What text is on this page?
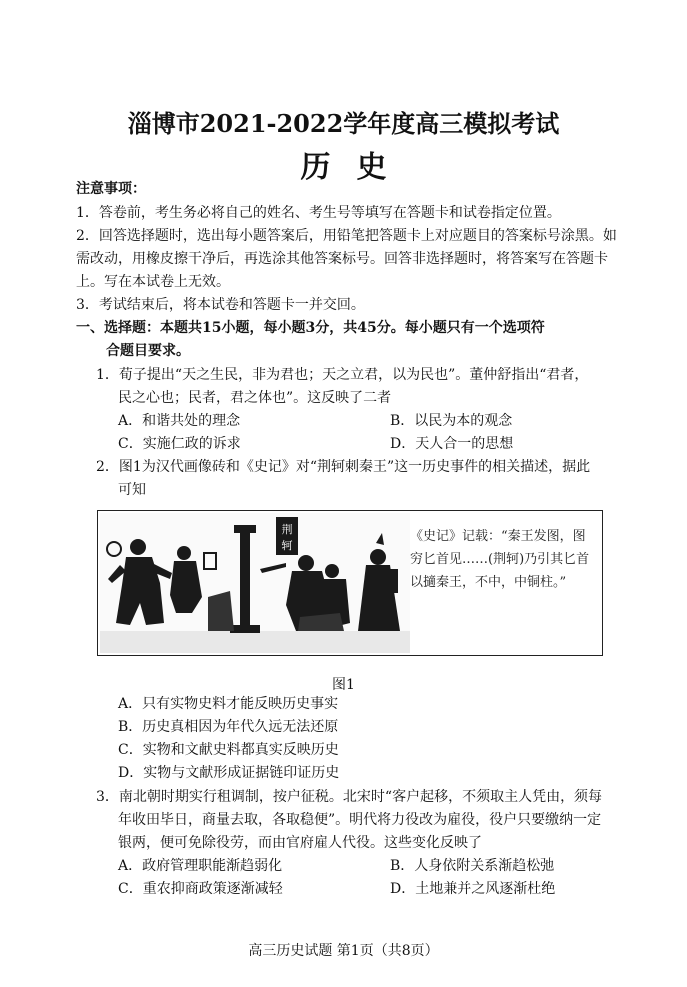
淄博市2021-2022学年度高三模拟考试
历史
注意事项：
1．答卷前，考生务必将自己的姓名、考生号等填写在答题卡和试卷指定位置。
2．回答选择题时，选出每小题答案后，用铅笔把答题卡上对应题目的答案标号涂黑。如
需改动，用橡皮擦干净后，再选涂其他答案标号。回答非选择题时，将答案写在答题卡
上。写在本试卷上无效。
3．考试结束后，将本试卷和答题卡一并交回。
一、选择题：本题共15小题，每小题3分，共45分。每小题只有一个选项符
合题目要求。
1．荀子提出“天之生民，非为君也；天之立君，以为民也”。董仲舒指出“君者，
民之心也；民者，君之体也”。这反映了二者
A．和谐共处的理念	B．以民为本的观念
C．实施仁政的诉求	D．天人合一的思想
2．图1为汉代画像砖和《史记》对“荆轲刺秦王”这一历史事件的相关描述，据此
可知
荆
轲
《史记》记载：“秦王发图，图穷匕首见……(荆轲)乃引其匕首以擿秦王，不中，中铜柱。”
图1
A．只有实物史料才能反映历史事实
B．历史真相因为年代久远无法还原
C．实物和文献史料都真实反映历史
D．实物与文献形成证据链印证历史
3．南北朝时期实行租调制，按户征税。北宋时“客户起移，不须取主人凭由，须每
年收田毕日，商量去取，各取稳便”。明代将力役改为雇役，役户只要缴纳一定
银两，便可免除役劳，而由官府雇人代役。这些变化反映了
A．政府管理职能渐趋弱化	B．人身依附关系渐趋松弛
C．重农抑商政策逐渐减轻	D．土地兼并之风逐渐杜绝
高三历史试题 第1页（共8页）
